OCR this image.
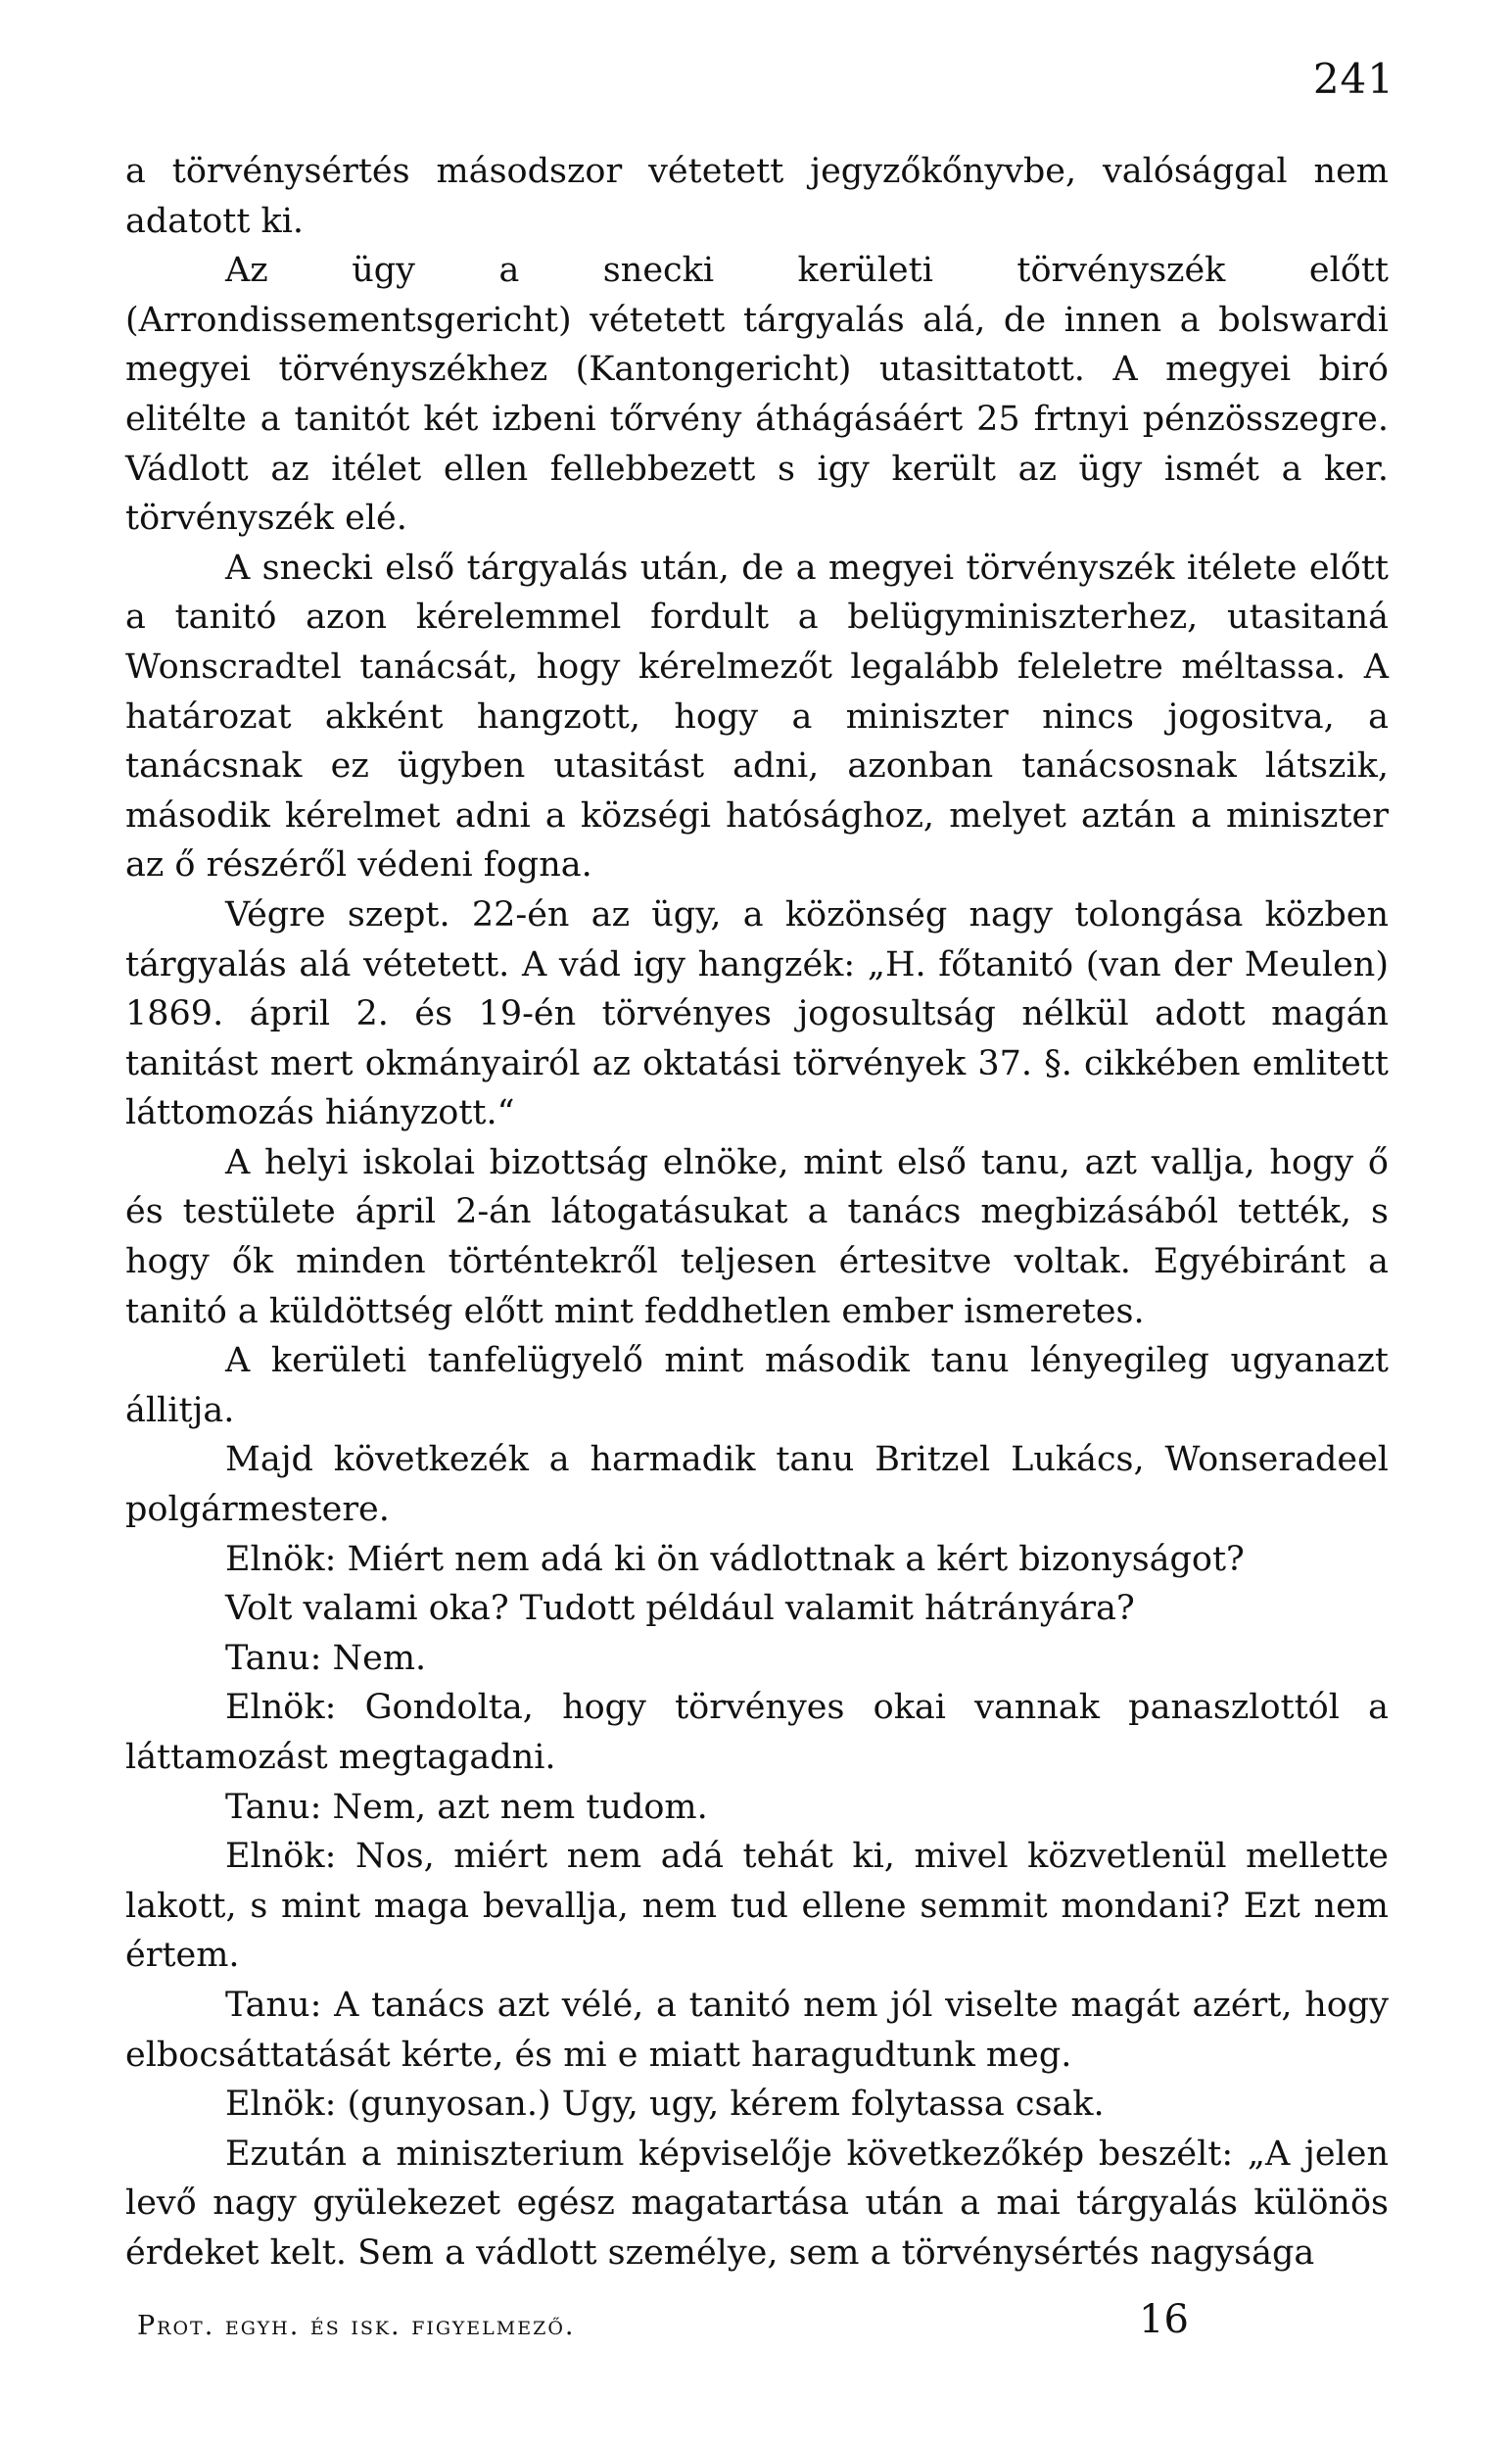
241

a törvénysértés másodszor vétetett jegyzőkőnyvbe, valósággal nem adatott ki.

Az ügy a snecki kerületi törvényszék előtt (Arrondissementsgericht) vétetett tárgyalás alá, de innen a bolswardi megyei törvényszékhez (Kantongericht) utasittatott. A megyei biró elitélte a tanitót két izbeni tőrvény áthágásáért 25 frtnyi pénzösszegre. Vádlott az itélet ellen fellebbezett s igy került az ügy ismét a ker. törvényszék elé.

A snecki első tárgyalás után, de a megyei törvényszék itélete előtt a tanitó azon kérelemmel fordult a belügyminiszterhez, utasitaná Wonscradtel tanácsát, hogy kérelmezőt legalább feleletre méltassa. A határozat akként hangzott, hogy a miniszter nincs jogositva, a tanácsnak ez ügyben utasitást adni, azonban tanácsosnak látszik, második kérelmet adni a községi hatósághoz, melyet aztán a miniszter az ő részéről védeni fogna.

Végre szept. 22-én az ügy, a közönség nagy tolongása közben tárgyalás alá vétetett. A vád igy hangzék: „H. főtanitó (van der Meulen) 1869. ápril 2. és 19-én törvényes jogosultság nélkül adott magán tanitást mert okmányairól az oktatási törvények 37. §. cikkében emlitett láttomozás hiányzott.“

A helyi iskolai bizottság elnöke, mint első tanu, azt vallja, hogy ő és testülete ápril 2-án látogatásukat a tanács megbizásából tették, s hogy ők minden történtekről teljesen értesitve voltak. Egyébiránt a tanitó a küldöttség előtt mint feddhetlen ember ismeretes.

A kerületi tanfelügyelő mint második tanu lényegileg ugyanazt állitja.

Majd következék a harmadik tanu Britzel Lukács, Wonseradeel polgármestere.

Elnök: Miért nem adá ki ön vádlottnak a kért bizonyságot?

Volt valami oka? Tudott például valamit hátrányára?

Tanu: Nem.

Elnök: Gondolta, hogy törvényes okai vannak panaszlottól a láttamozást megtagadni.

Tanu: Nem, azt nem tudom.

Elnök: Nos, miért nem adá tehát ki, mivel közvetlenül mellette lakott, s mint maga bevallja, nem tud ellene semmit mondani? Ezt nem értem.

Tanu: A tanács azt vélé, a tanitó nem jól viselte magát azért, hogy elbocsáttatását kérte, és mi e miatt haragudtunk meg.

Elnök: (gunyosan.) Ugy, ugy, kérem folytassa csak.

Ezután a miniszterium képviselője következőkép beszélt: „A jelen levő nagy gyülekezet egész magatartása után a mai tárgyalás különös érdeket kelt. Sem a vádlott személye, sem a törvénysértés nagysága

Prot. egyh. és isk. figyelmező.	16
